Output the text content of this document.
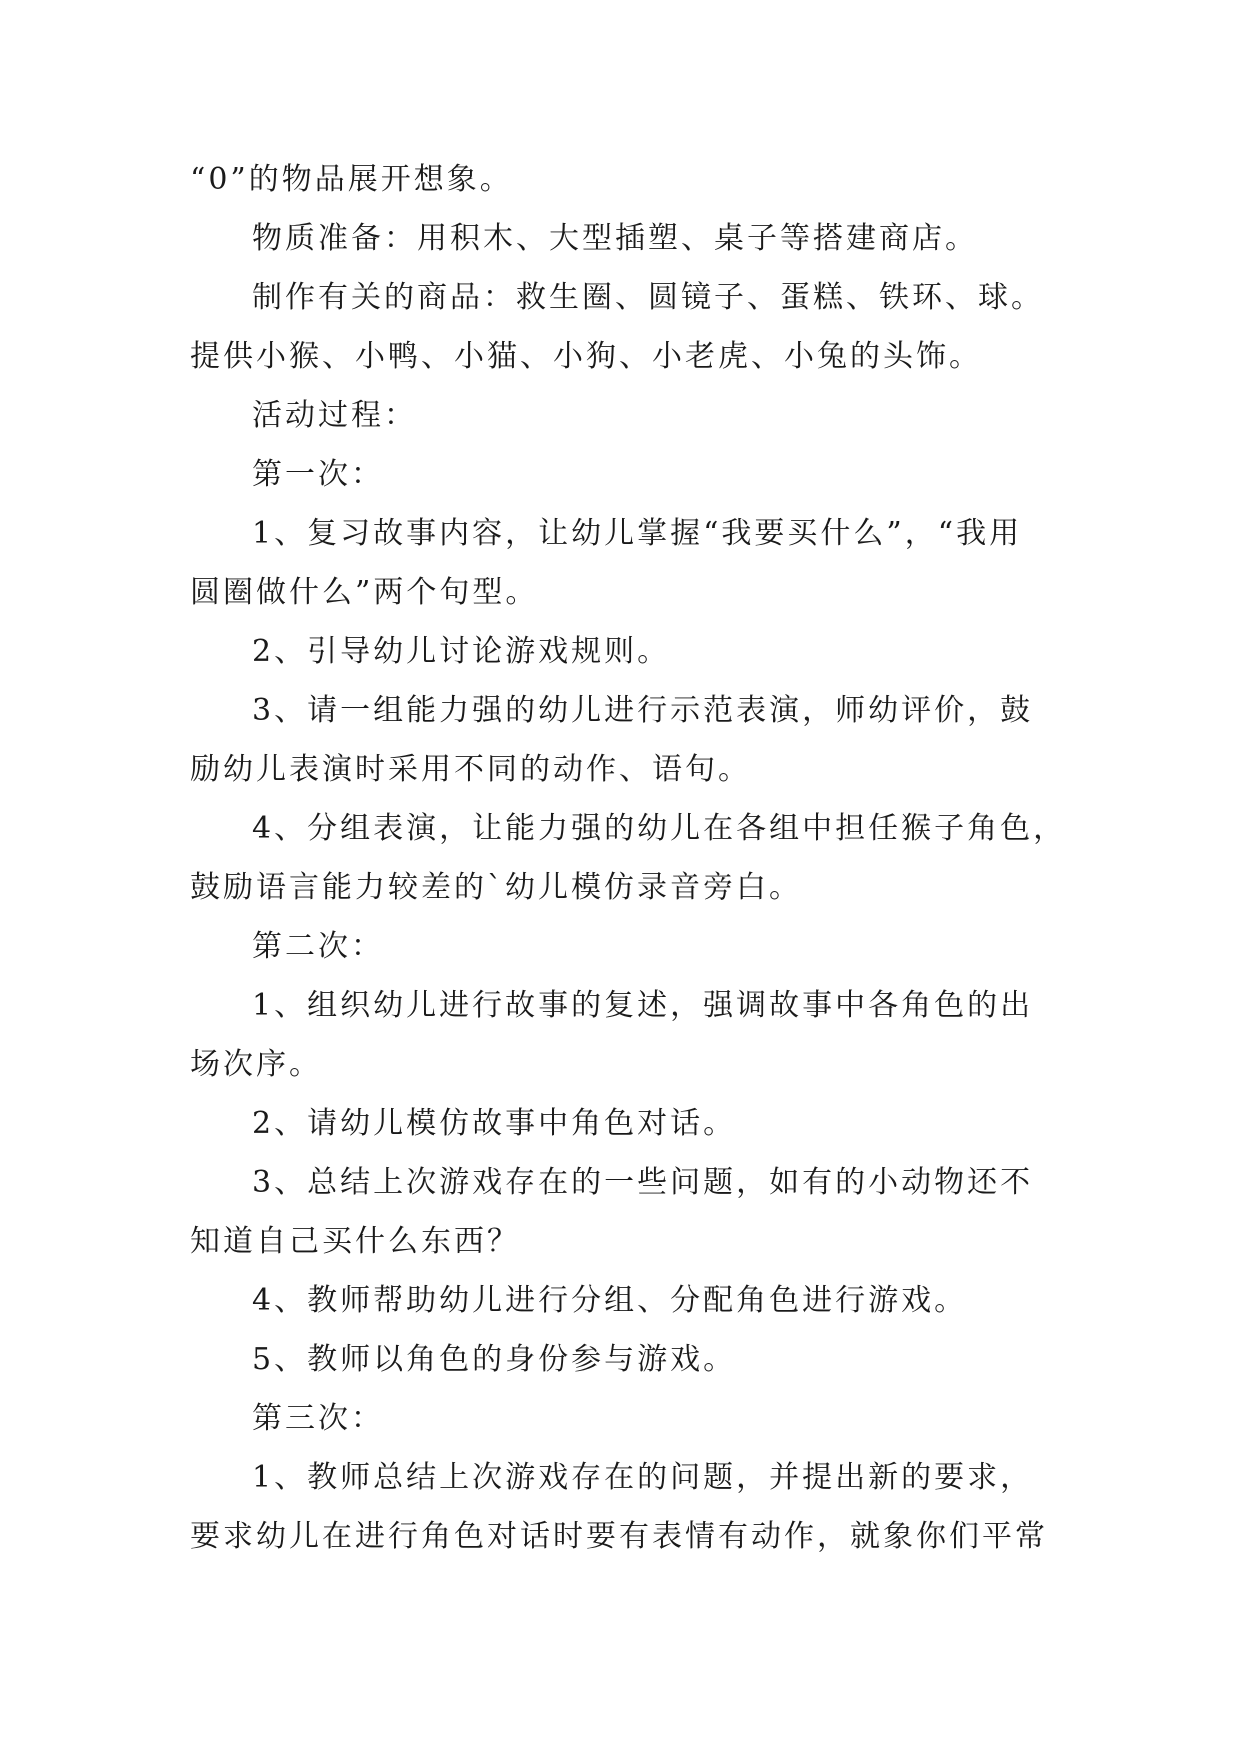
“0”的物品展开想象。
物质准备：用积木、大型插塑、桌子等搭建商店。
制作有关的商品：救生圈、圆镜子、蛋糕、铁环、球。
提供小猴、小鸭、小猫、小狗、小老虎、小兔的头饰。
活动过程：
第一次：
1、复习故事内容，让幼儿掌握“我要买什么”，“我用
圆圈做什么”两个句型。
2、引导幼儿讨论游戏规则。
3、请一组能力强的幼儿进行示范表演，师幼评价，鼓
励幼儿表演时采用不同的动作、语句。
4、分组表演，让能力强的幼儿在各组中担任猴子角色，
鼓励语言能力较差的`幼儿模仿录音旁白。
第二次：
1、组织幼儿进行故事的复述，强调故事中各角色的出
场次序。
2、请幼儿模仿故事中角色对话。
3、总结上次游戏存在的一些问题，如有的小动物还不
知道自己买什么东西？
4、教师帮助幼儿进行分组、分配角色进行游戏。
5、教师以角色的身份参与游戏。
第三次：
1、教师总结上次游戏存在的问题，并提出新的要求，
要求幼儿在进行角色对话时要有表情有动作，就象你们平常
